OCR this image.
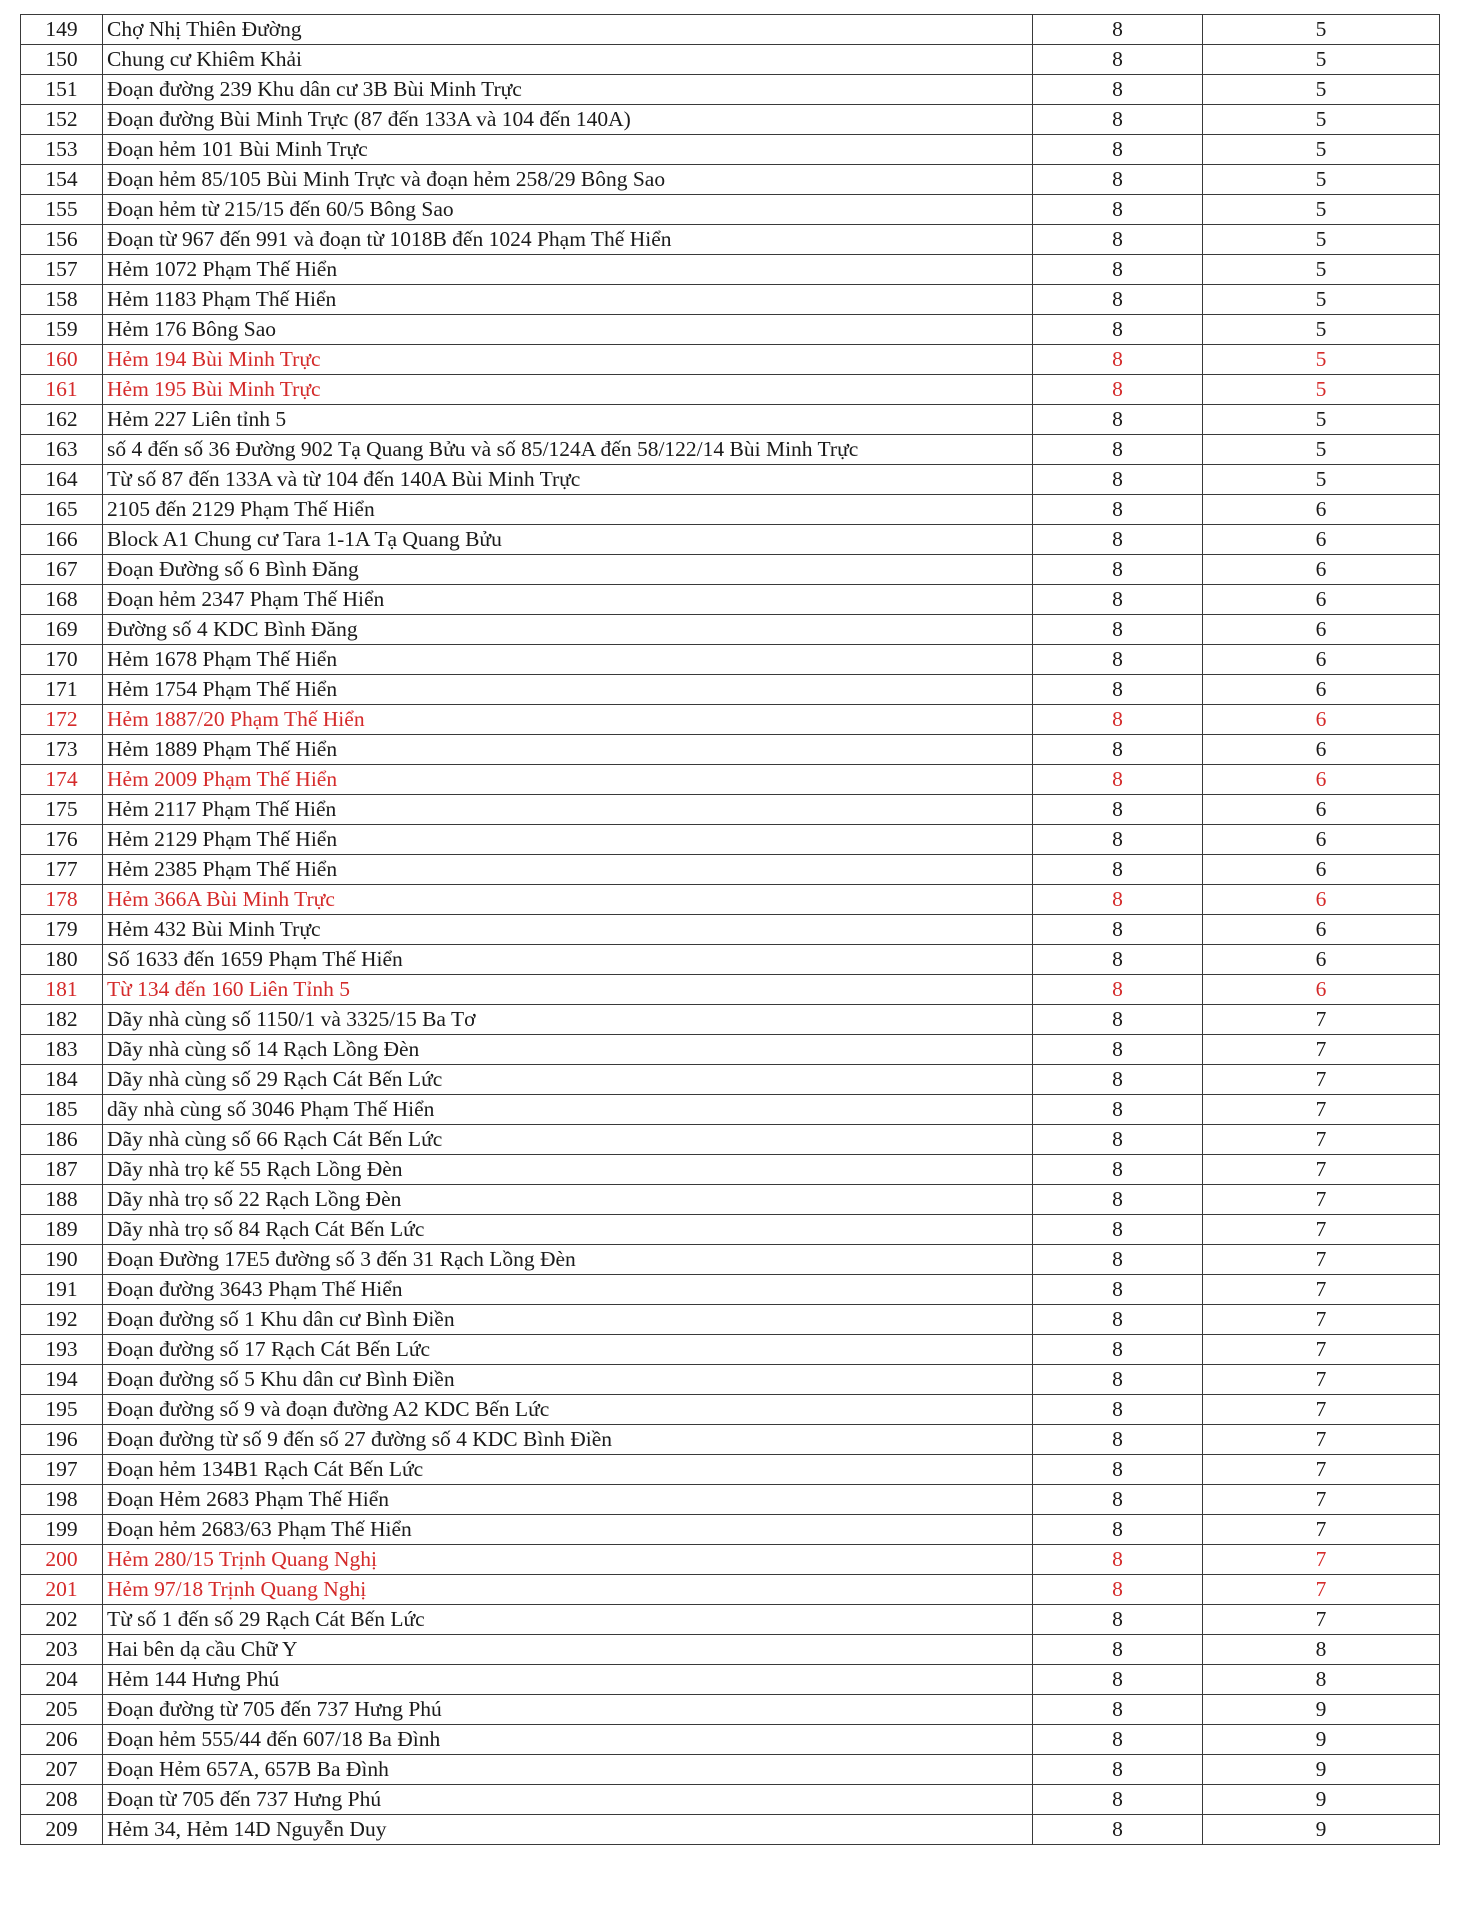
149	Chợ Nhị Thiên Đường	8	5
150	Chung cư Khiêm Khải	8	5
151	Đoạn đường 239 Khu dân cư 3B Bùi Minh Trực	8	5
152	Đoạn đường Bùi Minh Trực (87 đến 133A và 104 đến 140A)	8	5
153	Đoạn hẻm 101 Bùi Minh Trực	8	5
154	Đoạn hẻm 85/105 Bùi Minh Trực và đoạn hẻm 258/29 Bông Sao	8	5
155	Đoạn hẻm từ 215/15 đến 60/5 Bông Sao	8	5
156	Đoạn từ 967 đến 991 và đoạn từ 1018B đến 1024 Phạm Thế Hiển	8	5
157	Hẻm 1072 Phạm Thế Hiển	8	5
158	Hẻm 1183 Phạm Thế Hiển	8	5
159	Hẻm 176 Bông Sao	8	5
160	Hẻm 194 Bùi Minh Trực	8	5
161	Hẻm 195 Bùi Minh Trực	8	5
162	Hẻm 227 Liên tỉnh 5	8	5
163	số 4 đến số 36 Đường 902 Tạ Quang Bửu và số 85/124A đến 58/122/14 Bùi Minh Trực	8	5
164	Từ số 87 đến 133A và từ 104 đến 140A Bùi Minh Trực	8	5
165	2105 đến 2129 Phạm Thế Hiển	8	6
166	Block A1 Chung cư Tara 1-1A Tạ Quang Bửu	8	6
167	Đoạn Đường số 6 Bình Đăng	8	6
168	Đoạn hẻm 2347 Phạm Thế Hiển	8	6
169	Đường số 4 KDC Bình Đăng	8	6
170	Hẻm 1678 Phạm Thế Hiển	8	6
171	Hẻm 1754 Phạm Thế Hiển	8	6
172	Hẻm 1887/20 Phạm Thế Hiển	8	6
173	Hẻm 1889 Phạm Thế Hiển	8	6
174	Hẻm 2009 Phạm Thế Hiển	8	6
175	Hẻm 2117 Phạm Thế Hiển	8	6
176	Hẻm 2129 Phạm Thế Hiển	8	6
177	Hẻm 2385 Phạm Thế Hiển	8	6
178	Hẻm 366A Bùi Minh Trực	8	6
179	Hẻm 432 Bùi Minh Trực	8	6
180	Số 1633 đến 1659 Phạm Thế Hiển	8	6
181	Từ 134 đến 160 Liên Tỉnh 5	8	6
182	Dãy nhà cùng số 1150/1 và 3325/15 Ba Tơ	8	7
183	Dãy nhà cùng số 14 Rạch Lồng Đèn	8	7
184	Dãy nhà cùng số 29 Rạch Cát Bến Lức	8	7
185	dãy nhà cùng số 3046 Phạm Thế Hiển	8	7
186	Dãy nhà cùng số 66 Rạch Cát Bến Lức	8	7
187	Dãy nhà trọ kế 55 Rạch Lồng Đèn	8	7
188	Dãy nhà trọ số 22 Rạch Lồng Đèn	8	7
189	Dãy nhà trọ số 84 Rạch Cát Bến Lức	8	7
190	Đoạn Đường 17E5 đường số 3 đến 31 Rạch Lồng Đèn	8	7
191	Đoạn đường 3643 Phạm Thế Hiển	8	7
192	Đoạn đường số 1 Khu dân cư Bình Điền	8	7
193	Đoạn đường số 17 Rạch Cát Bến Lức	8	7
194	Đoạn đường số 5 Khu dân cư Bình Điền	8	7
195	Đoạn đường số 9 và đoạn đường A2 KDC Bến Lức	8	7
196	Đoạn đường từ số 9 đến số 27 đường số 4 KDC Bình Điền	8	7
197	Đoạn hẻm 134B1 Rạch Cát Bến Lức	8	7
198	Đoạn Hẻm 2683 Phạm Thế Hiển	8	7
199	Đoạn hẻm 2683/63 Phạm Thế Hiển	8	7
200	Hẻm 280/15 Trịnh Quang Nghị	8	7
201	Hẻm 97/18 Trịnh Quang Nghị	8	7
202	Từ số 1 đến số 29 Rạch Cát Bến Lức	8	7
203	Hai bên dạ cầu Chữ Y	8	8
204	Hẻm 144 Hưng Phú	8	8
205	Đoạn đường từ 705 đến 737 Hưng Phú	8	9
206	Đoạn hẻm 555/44 đến 607/18 Ba Đình	8	9
207	Đoạn Hẻm 657A, 657B Ba Đình	8	9
208	Đoạn từ 705 đến 737 Hưng Phú	8	9
209	Hẻm 34, Hẻm 14D Nguyễn Duy	8	9
